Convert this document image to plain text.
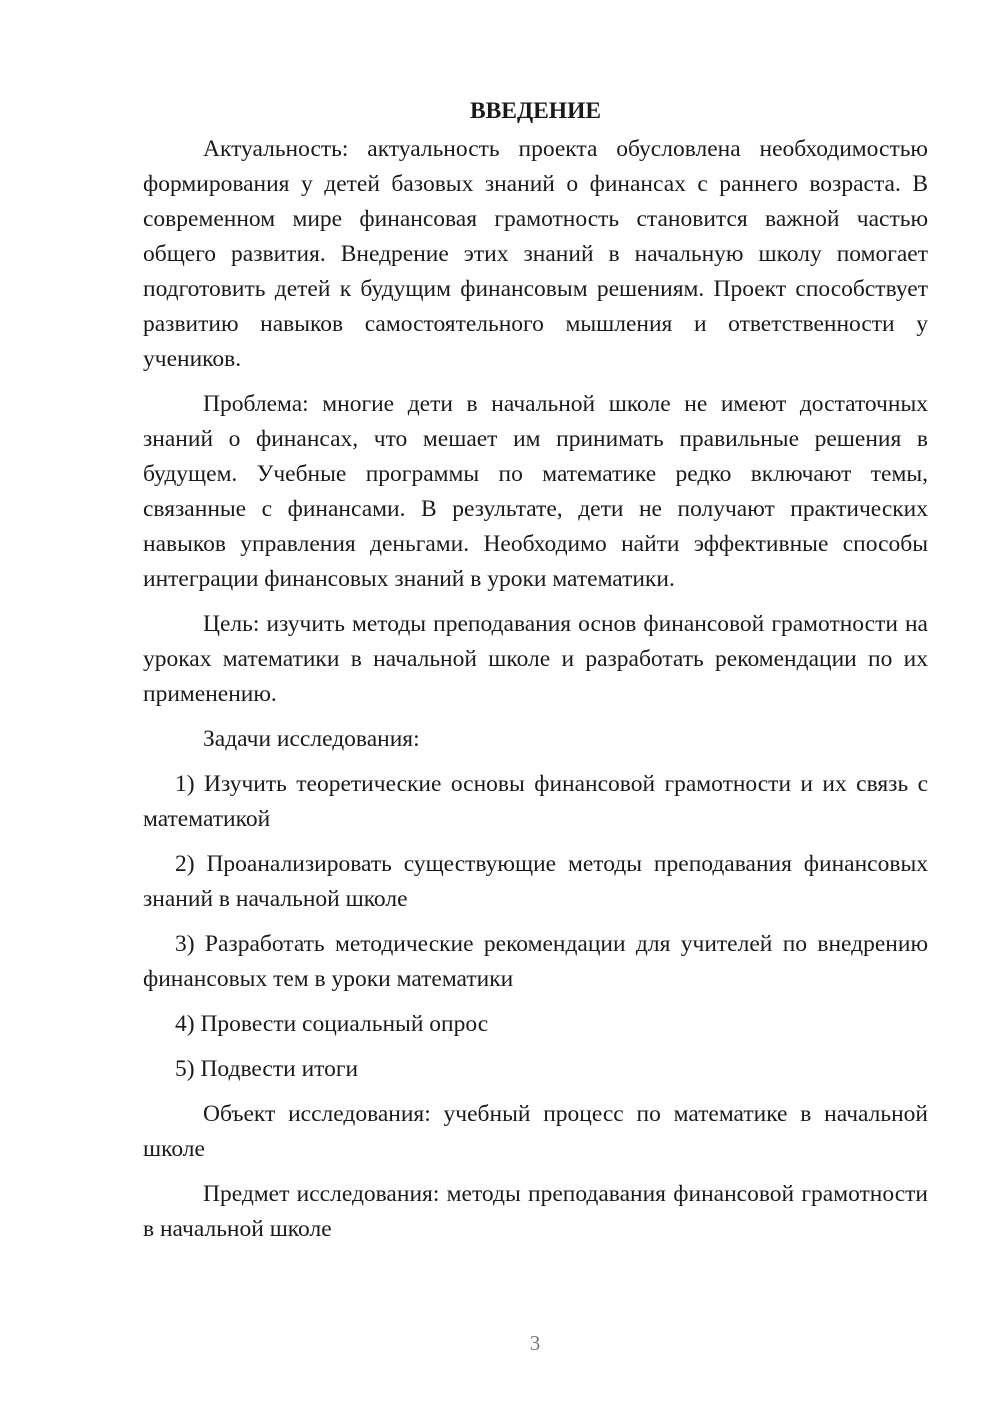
ВВЕДЕНИЕ

Актуальность: актуальность проекта обусловлена необходимостью формирования у детей базовых знаний о финансах с раннего возраста. В современном мире финансовая грамотность становится важной частью общего развития. Внедрение этих знаний в начальную школу помогает подготовить детей к будущим финансовым решениям. Проект способствует развитию навыков самостоятельного мышления и ответственности у учеников.

Проблема: многие дети в начальной школе не имеют достаточных знаний о финансах, что мешает им принимать правильные решения в будущем. Учебные программы по математике редко включают темы, связанные с финансами. В результате, дети не получают практических навыков управления деньгами. Необходимо найти эффективные способы интеграции финансовых знаний в уроки математики.

Цель: изучить методы преподавания основ финансовой грамотности на уроках математики в начальной школе и разработать рекомендации по их применению.

Задачи исследования:

1) Изучить теоретические основы финансовой грамотности и их связь с математикой

2) Проанализировать существующие методы преподавания финансовых знаний в начальной школе

3) Разработать методические рекомендации для учителей по внедрению финансовых тем в уроки математики

4) Провести социальный опрос

5) Подвести итоги

Объект исследования: учебный процесс по математике в начальной школе

Предмет исследования: методы преподавания финансовой грамотности в начальной школе

3
